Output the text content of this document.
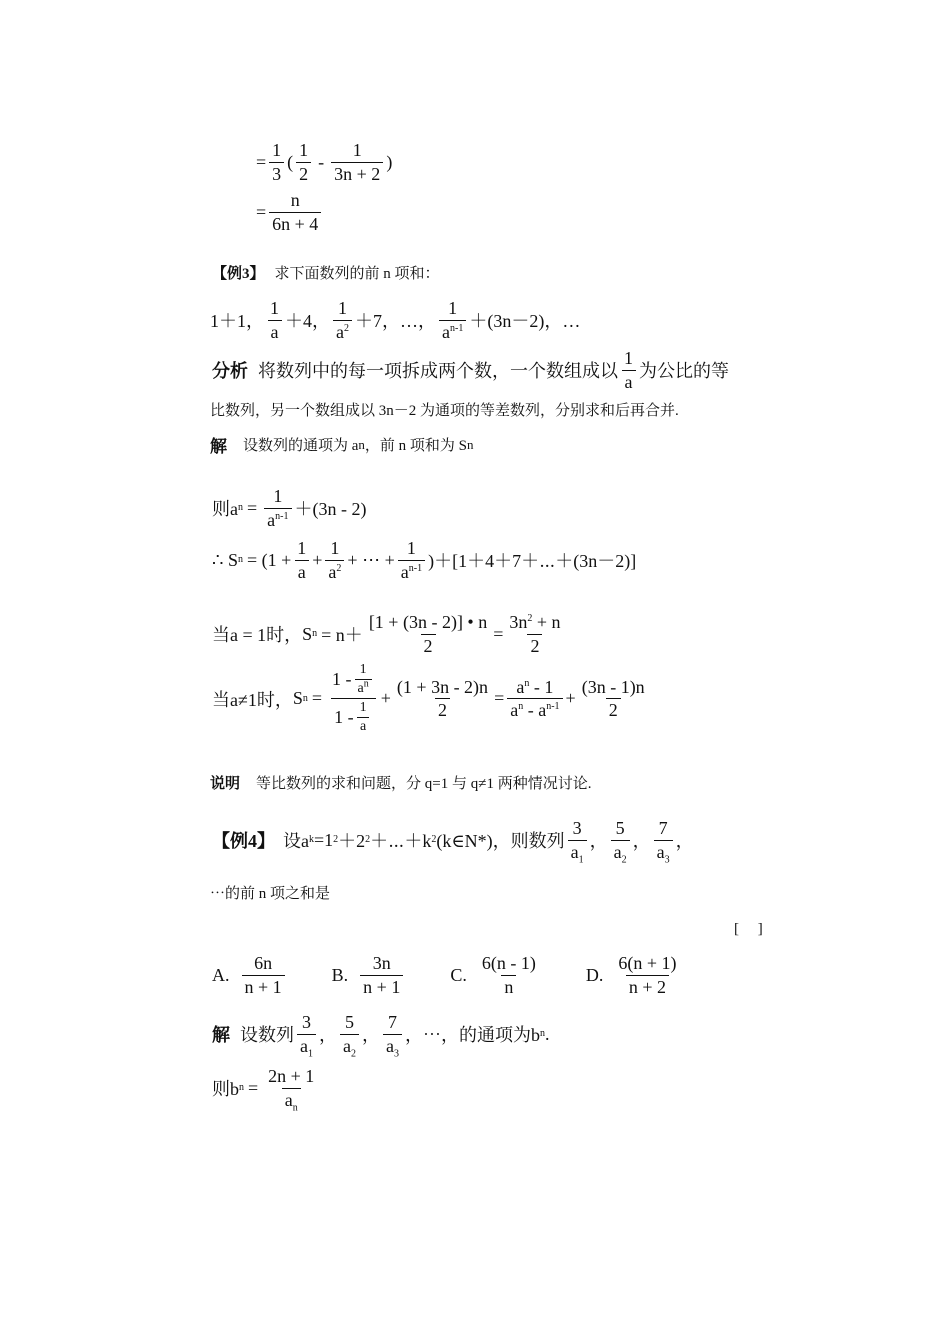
= $\frac{1}{3}$ ( $\frac{1}{2} - \frac{1}{3n + 2}$ )
= $\frac{n}{6n + 4}$
【例3】 求下面数列的前 n 项和：
1＋1， $\frac{1}{a} +4$， $\frac{1}{a^2} +7$，…， $\frac{1}{a^{n-1}} +(3n-2)$，…
分析 将数列中的每一项拆成两个数，一个数组成以 $\frac{1}{a}$ 为公比的等
比数列，另一个数组成以 3n－2 为通项的等差数列，分别求和后再合并.
解 设数列的通项为 a n ，前 n 项和为 S n
则a $n = \frac{1}{a^{n-1}} +(3n - 2)$
∴ S $n = (1 + \frac{1}{a} + \frac{1}{a^2}$ + ⋯ + $\frac{1}{a^{n-1}}$ )＋[1＋4＋7＋⋯＋(3n－2)]
当a = 1时， S $n = n+ \frac{[1 + (3n - 2)] • n}{2} = \frac{3n^2 + n}{2}$
当a≠1时， S $n = \frac{1 - \frac{1}{a^n}}{1 - \frac{1}{a}} + \frac{(1 + 3n - 2)n}{2} = \frac{a^n - 1}{a^n - a^{n-1}} + \frac{(3n - 1)n}{2}$
说明 等比数列的求和问题，分 q=1 与 q≠1 两种情况讨论.
【例4】 设a k =1 2 ＋2 2 ＋⋯＋k 2 (k∈N*)，则数列 $\frac{3}{a_1}$ ， $\frac{5}{a_2}$ ， $\frac{7}{a_3}$ ，
⋯的前 n 项之和是
[　 ]
A. $\frac{6n}{n + 1}$	B. $\frac{3n}{n + 1}$	C. $\frac{6(n - 1)}{n}$	D. $\frac{6(n + 1)}{n + 2}$
解 设数列 $\frac{3}{a_1}$ ， $\frac{5}{a_2}$ ， $\frac{7}{a_3}$ ，⋯，的通项为b n .
则b $n = \frac{2n + 1}{a_n}$
